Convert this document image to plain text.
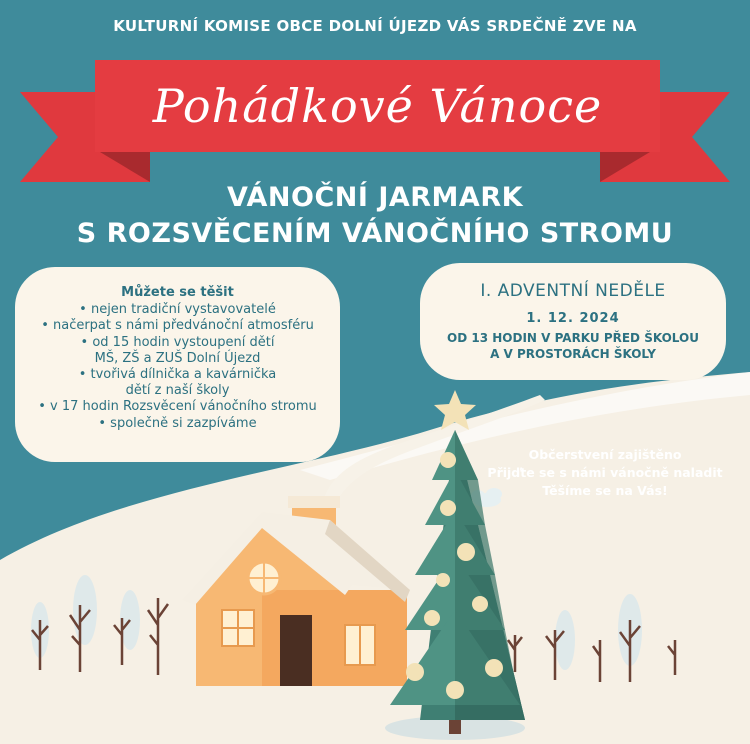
KULTURNÍ KOMISE OBCE DOLNÍ ÚJEZD VÁS SRDEČNĚ ZVE NA
Pohádkové Vánoce
VÁNOČNÍ JARMARK
S ROZSVĚCENÍM VÁNOČNÍHO STROMU
Můžete se těšit
• nejen tradiční vystavovatelé
• načerpat s námi předvánoční atmosféru
• od 15 hodin vystoupení dětí
MŠ, ZŠ a ZUŠ Dolní Újezd
• tvořivá dílnička a kavárnička
dětí z naší školy
• v 17 hodin Rozsvěcení vánočního stromu
• společně si zazpíváme
I. ADVENTNÍ NEDĚLE
1. 12. 2024
OD 13 HODIN V PARKU PŘED ŠKOLOU
A V PROSTORÁCH ŠKOLY
Občerstvení zajištěno
Přijďte se s námi vánočně naladit
Těšíme se na Vás!
